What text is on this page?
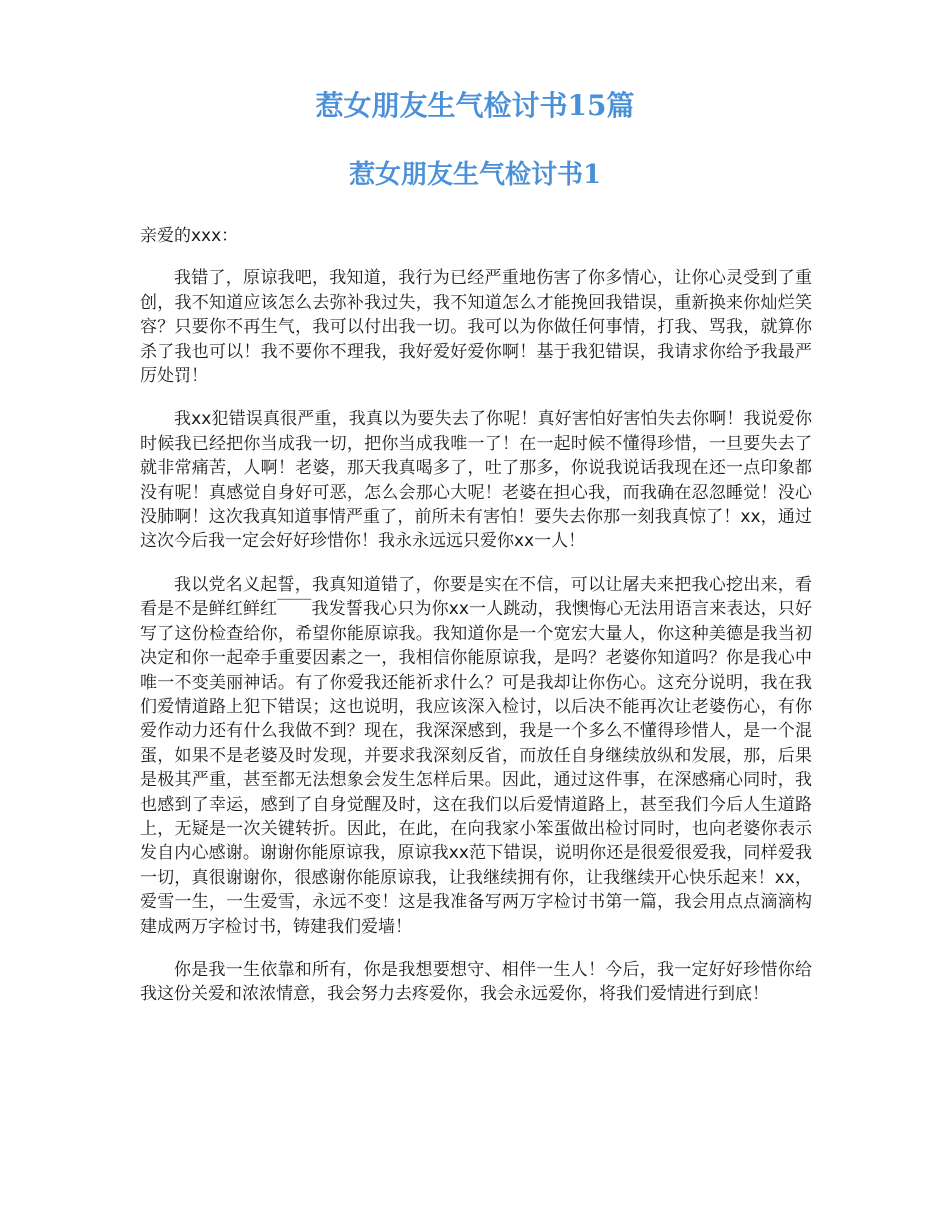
惹女朋友生气检讨书15篇
惹女朋友生气检讨书1

亲爱的xxx：

我错了，原谅我吧，我知道，我行为已经严重地伤害了你多情心，让你心灵受到了重创，我不知道应该怎么去弥补我过失，我不知道怎么才能挽回我错误，重新换来你灿烂笑容？只要你不再生气，我可以付出我一切。我可以为你做任何事情，打我、骂我，就算你杀了我也可以！我不要你不理我，我好爱好爱你啊！基于我犯错误，我请求你给予我最严厉处罚！

我xx犯错误真很严重，我真以为要失去了你呢！真好害怕好害怕失去你啊！我说爱你时候我已经把你当成我一切，把你当成我唯一了！在一起时候不懂得珍惜，一旦要失去了就非常痛苦，人啊！老婆，那天我真喝多了，吐了那多，你说我说话我现在还一点印象都没有呢！真感觉自身好可恶，怎么会那心大呢！老婆在担心我，而我确在忍忽睡觉！没心没肺啊！这次我真知道事情严重了，前所未有害怕！要失去你那一刻我真惊了！xx，通过这次今后我一定会好好珍惜你！我永永远远只爱你xx一人！

我以党名义起誓，我真知道错了，你要是实在不信，可以让屠夫来把我心挖出来，看看是不是鲜红鲜红￣￣我发誓我心只为你xx一人跳动，我懊悔心无法用语言来表达，只好写了这份检查给你，希望你能原谅我。我知道你是一个宽宏大量人，你这种美德是我当初决定和你一起牵手重要因素之一，我相信你能原谅我，是吗？老婆你知道吗？你是我心中唯一不变美丽神话。有了你爱我还能祈求什么？可是我却让你伤心。这充分说明，我在我们爱情道路上犯下错误；这也说明，我应该深入检讨，以后决不能再次让老婆伤心，有你爱作动力还有什么我做不到？现在，我深深感到，我是一个多么不懂得珍惜人，是一个混蛋，如果不是老婆及时发现，并要求我深刻反省，而放任自身继续放纵和发展，那，后果是极其严重，甚至都无法想象会发生怎样后果。因此，通过这件事，在深感痛心同时，我也感到了幸运，感到了自身觉醒及时，这在我们以后爱情道路上，甚至我们今后人生道路上，无疑是一次关键转折。因此，在此，在向我家小笨蛋做出检讨同时，也向老婆你表示发自内心感谢。谢谢你能原谅我，原谅我xx范下错误，说明你还是很爱很爱我，同样爱我一切，真很谢谢你，很感谢你能原谅我，让我继续拥有你，让我继续开心快乐起来！xx，爱雪一生，一生爱雪，永远不变！这是我准备写两万字检讨书第一篇，我会用点点滴滴构建成两万字检讨书，铸建我们爱墙！

你是我一生依靠和所有，你是我想要想守、相伴一生人！今后，我一定好好珍惜你给我这份关爱和浓浓情意，我会努力去疼爱你，我会永远爱你，将我们爱情进行到底！
